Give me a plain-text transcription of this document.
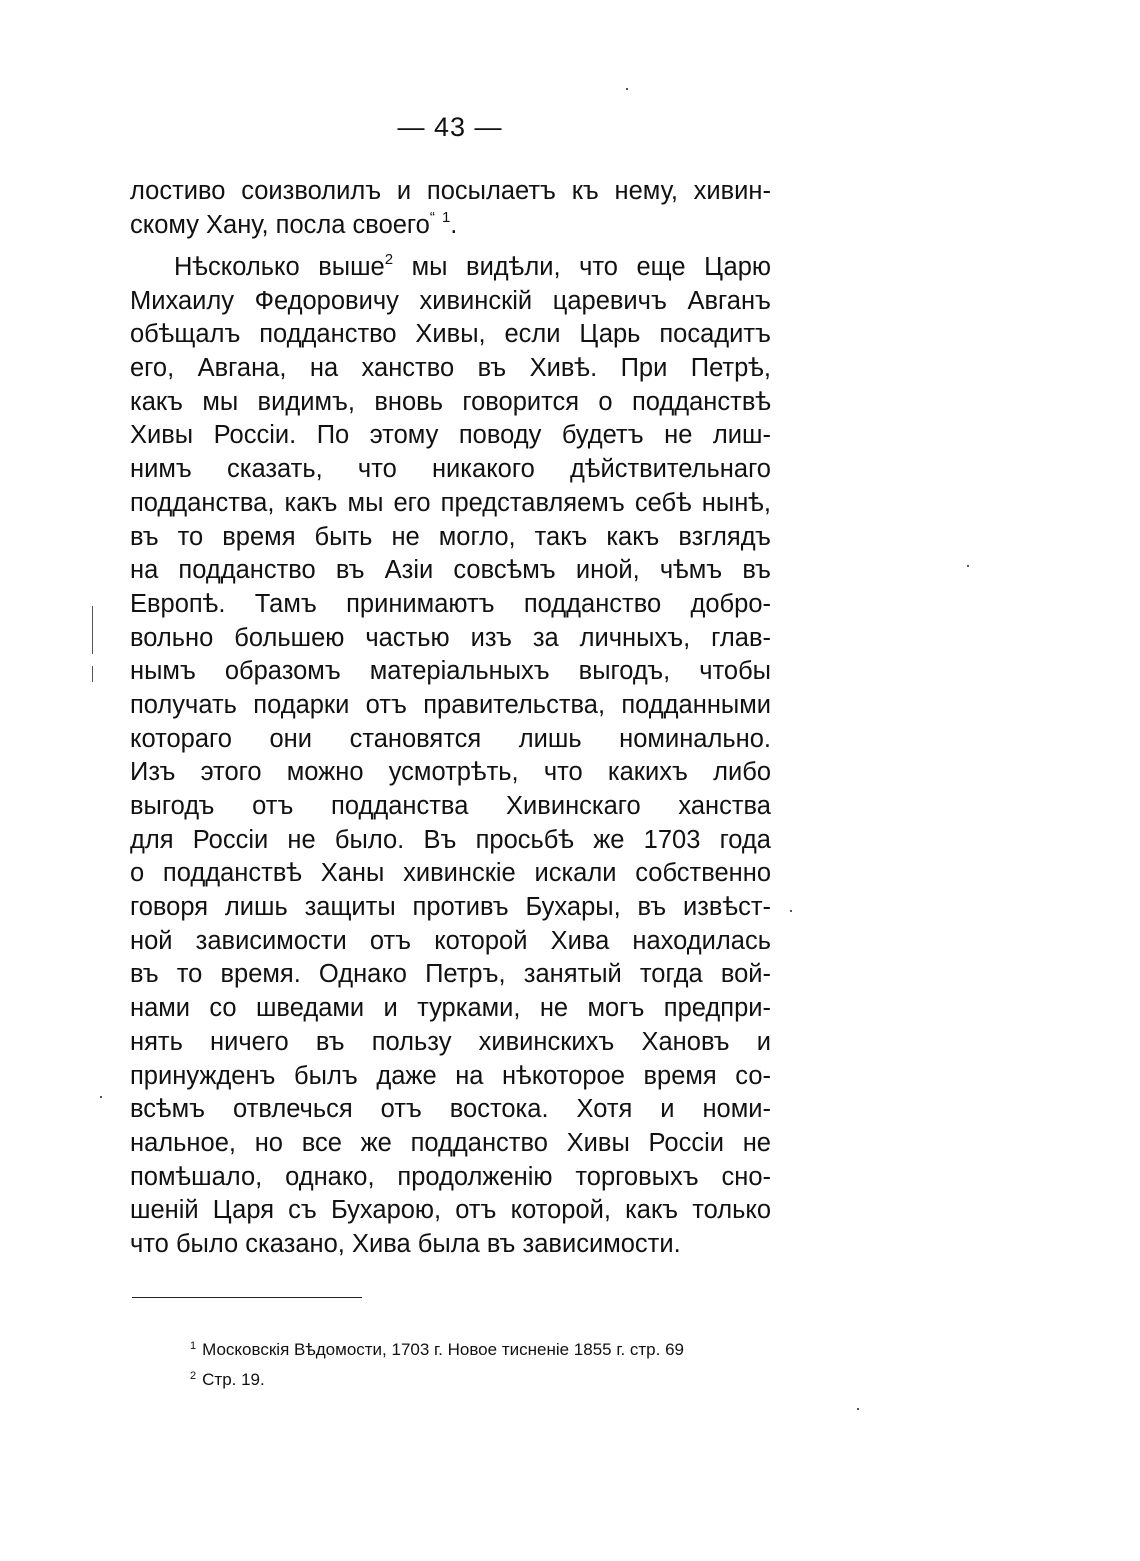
— 43 —
лостиво соизволилъ и посылаетъ къ нему, хивин-
скому Хану, посла своего“ $^1$.
Нѣсколько выше$^2$ мы видѣли, что еще Царю
Михаилу Федоровичу хивинскій царевичъ Авганъ
обѣщалъ подданство Хивы, если Царь посадитъ
его, Авгана, на ханство въ Хивѣ. При Петрѣ,
какъ мы видимъ, вновь говорится о подданствѣ
Хивы Россіи. По этому поводу будетъ не лиш-
нимъ сказать, что никакого дѣйствительнаго
подданства, какъ мы его представляемъ себѣ нынѣ,
въ то время быть не могло, такъ какъ взглядъ
на подданство въ Азіи совсѣмъ иной, чѣмъ въ
Европѣ. Тамъ принимаютъ подданство добро-
вольно большею частью изъ за личныхъ, глав-
нымъ образомъ матеріальныхъ выгодъ, чтобы
получать подарки отъ правительства, подданными
котораго они становятся лишь номинально.
Изъ этого можно усмотрѣть, что какихъ либо
выгодъ отъ подданства Хивинскаго ханства
для Россіи не было. Въ просьбѣ же 1703 года
о подданствѣ Ханы хивинскіе искали собственно
говоря лишь защиты противъ Бухары, въ извѣст-
ной зависимости отъ которой Хива находилась
въ то время. Однако Петръ, занятый тогда вой-
нами со шведами и турками, не могъ предпри-
нять ничего въ пользу хивинскихъ Хановъ и
принужденъ былъ даже на нѣкоторое время со-
всѣмъ отвлечься отъ востока. Хотя и номи-
нальное, но все же подданство Хивы Россіи не
помѣшало, однако, продолженію торговыхъ сно-
шеній Царя съ Бухарою, отъ которой, какъ только
что было сказано, Хива была въ зависимости.
$^1$ Московскія Вѣдомости, 1703 г. Новое тисненіе 1855 г. стр. 69
$^2$ Стр. 19.
